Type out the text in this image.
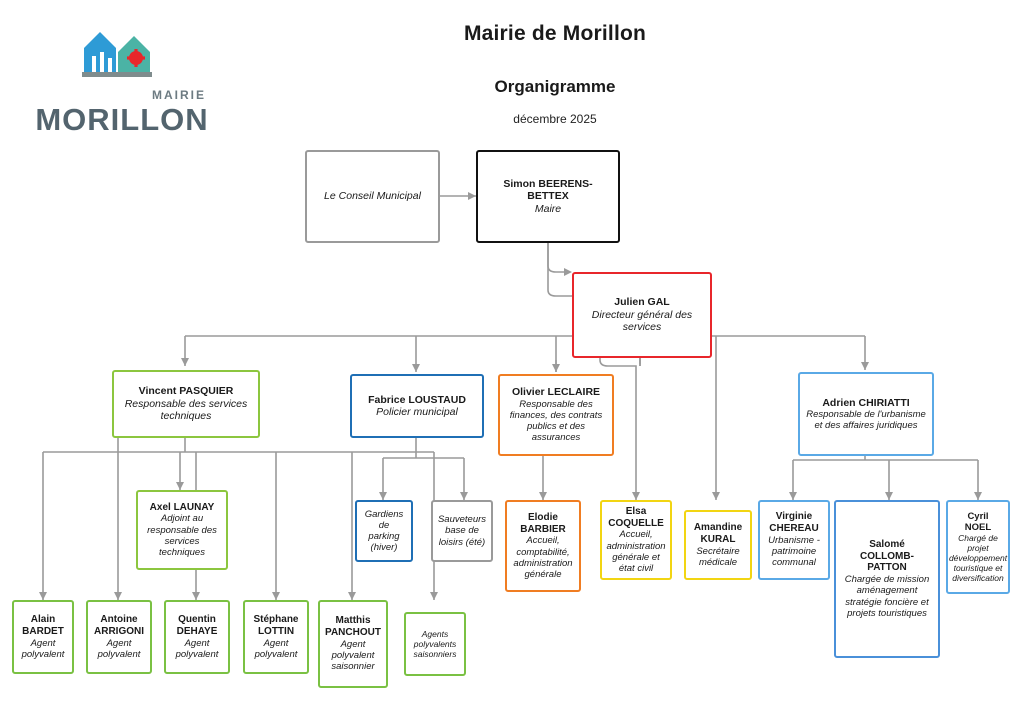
MAIRIE
MORILLON
Mairie de Morillon
Organigramme
décembre 2025
Le Conseil Municipal
Simon BEERENS-BETTEX
Maire
Julien GAL
Directeur général des services
Vincent PASQUIER
Responsable des services techniques
Fabrice LOUSTAUD
Policier municipal
Olivier LECLAIRE
Responsable des finances, des contrats publics et des assurances
Adrien CHIRIATTI
Responsable de l'urbanisme et des affaires juridiques
Axel LAUNAY
Adjoint au responsable des services techniques
Gardiens de parking (hiver)
Sauveteurs base de loisirs (été)
Elodie BARBIER
Accueil, comptabilité, administration générale
Elsa COQUELLE
Accueil, administration générale et état civil
Amandine KURAL
Secrétaire médicale
Virginie CHEREAU
Urbanisme - patrimoine communal
Salomé COLLOMB-PATTON
Chargée de mission aménagement stratégie foncière et projets touristiques
Cyril NOEL
Chargé de projet développement touristique et diversification
Alain BARDET
Agent polyvalent
Antoine ARRIGONI
Agent polyvalent
Quentin DEHAYE
Agent polyvalent
Stéphane LOTTIN
Agent polyvalent
Matthis PANCHOUT
Agent polyvalent saisonnier
Agents polyvalents saisonniers
